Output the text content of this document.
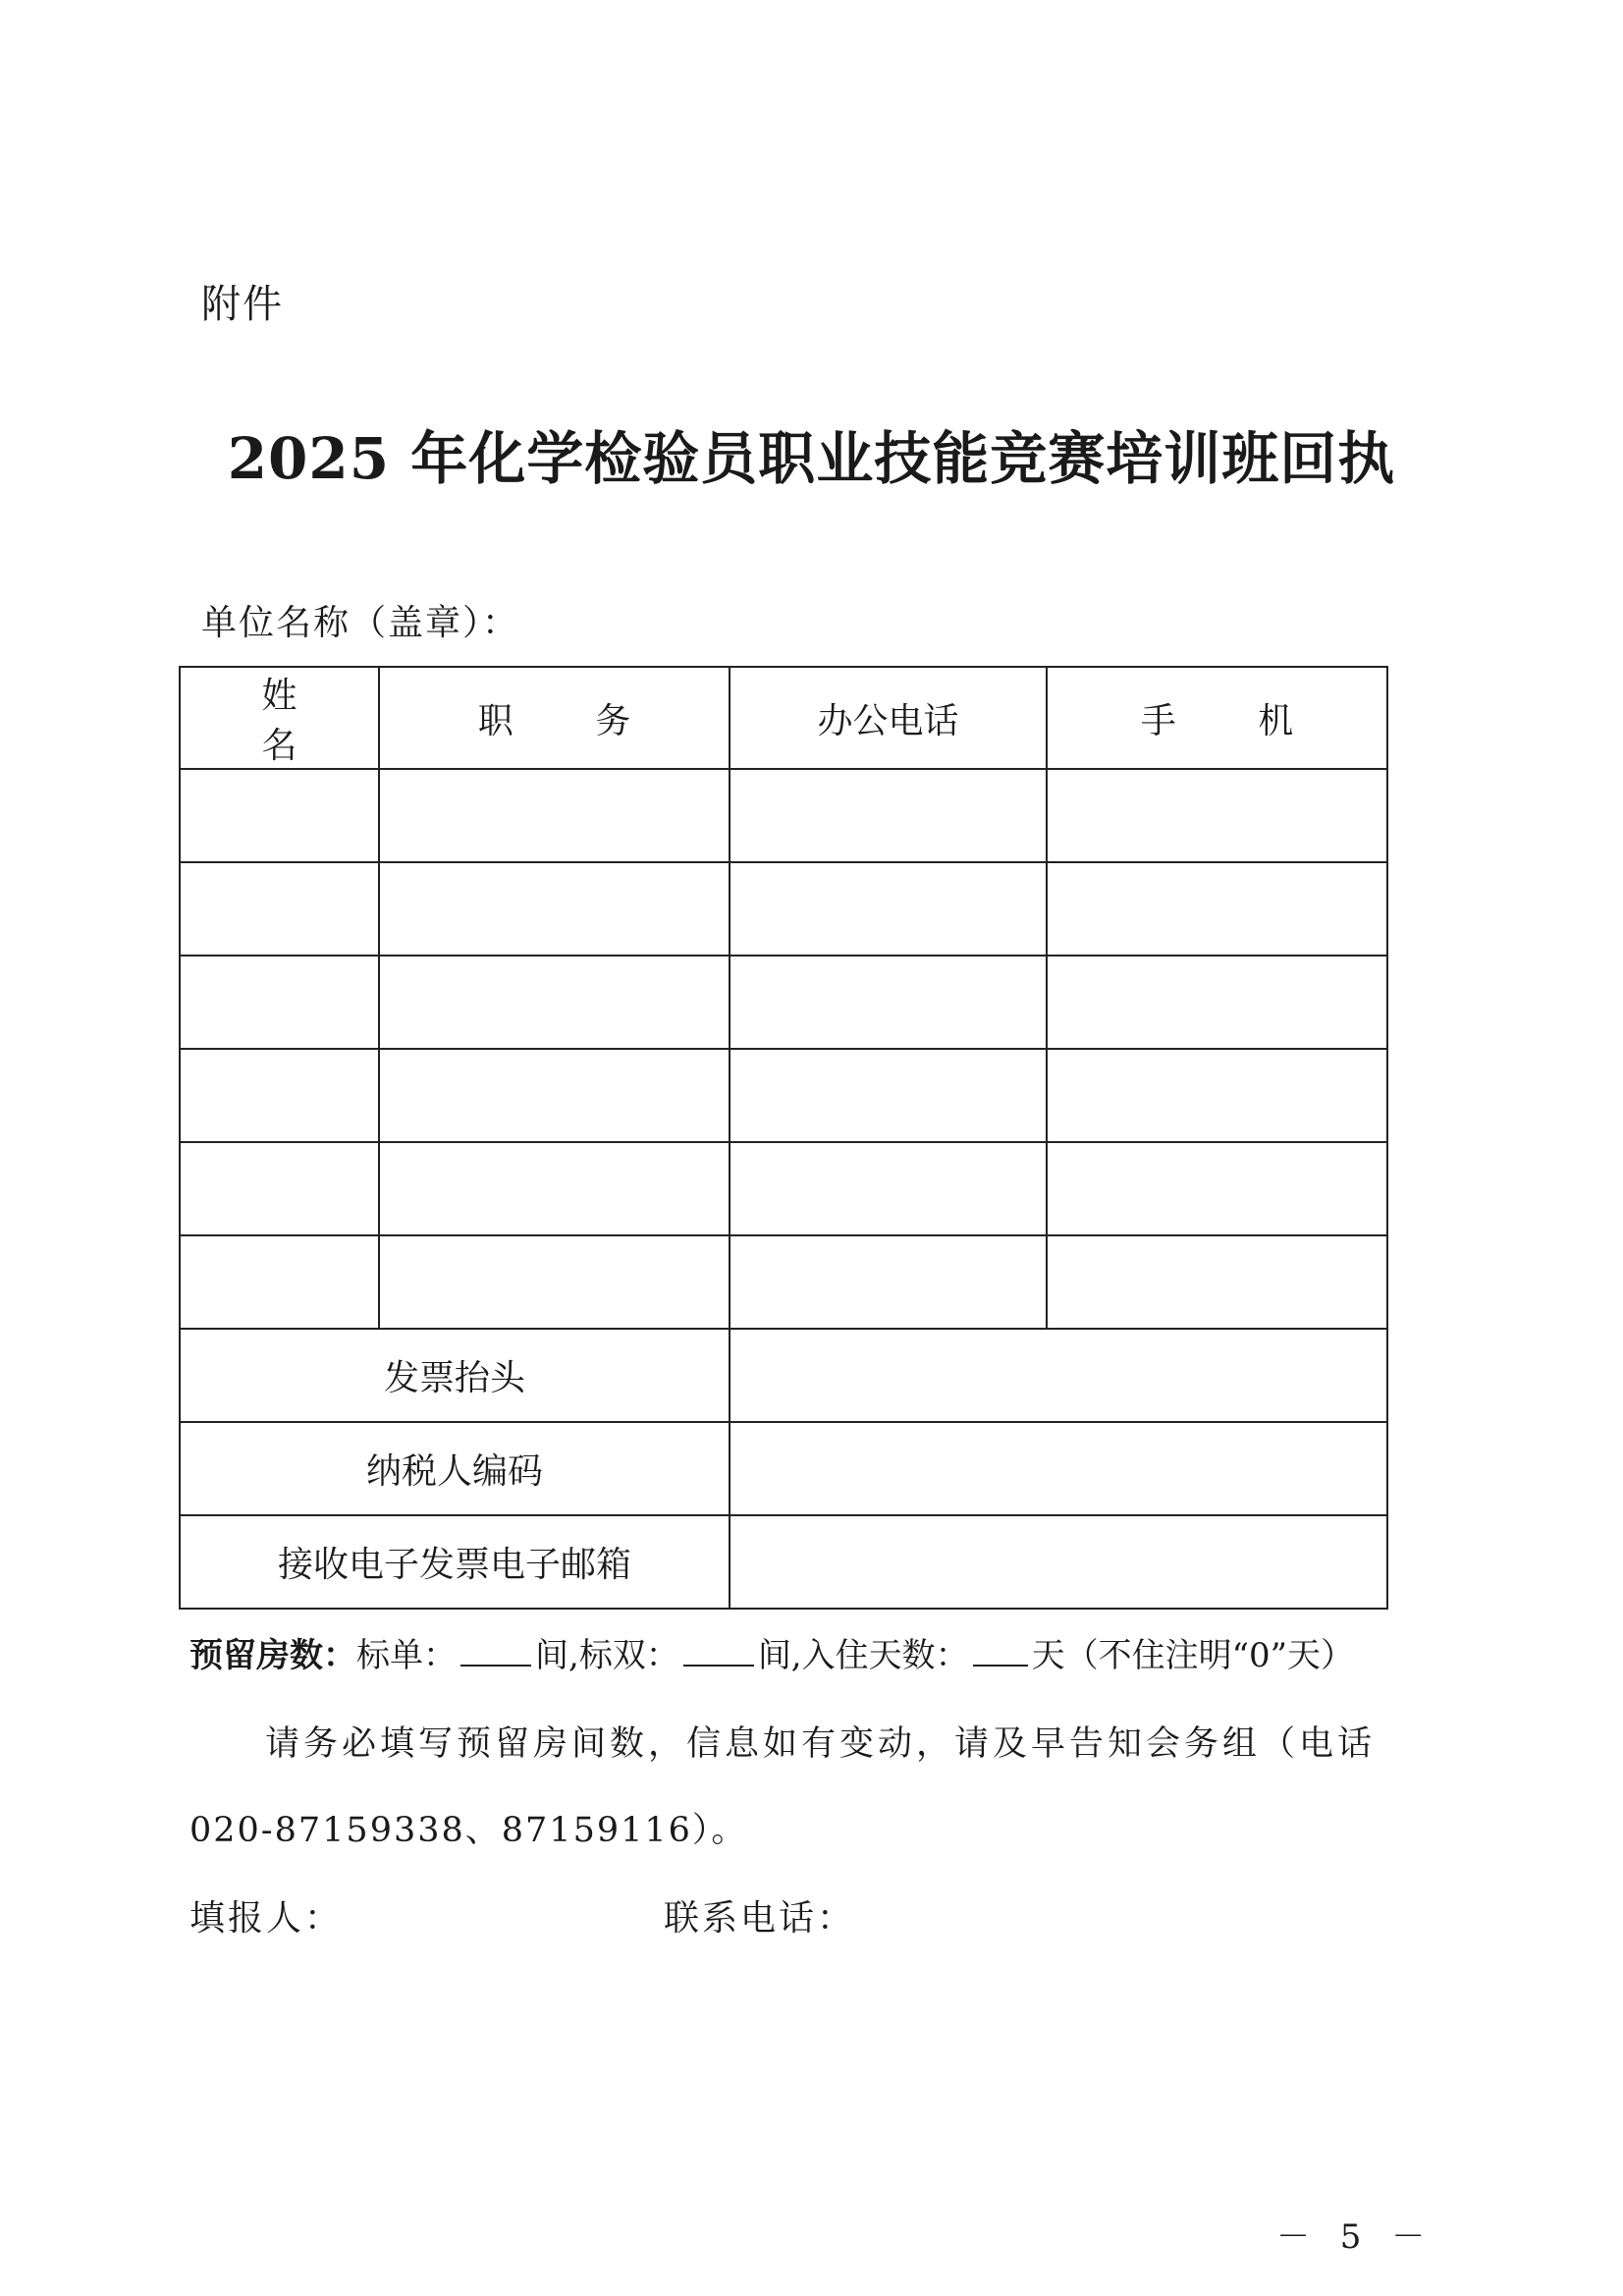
附件
2025 年化学检验员职业技能竞赛培训班回执
单位名称（盖章）：
姓 名	职 务	办公电话	手 机

发票抬头			
纳税人编码			
接收电子发票电子邮箱			
预留房数：标单： 间,标双： 间,入住天数： 天（不住注明“0”天）
请务必填写预留房间数，信息如有变动，请及早告知会务组（电话
020-87159338、87159116）。
填报人：	联系电话：
－ 5 －
